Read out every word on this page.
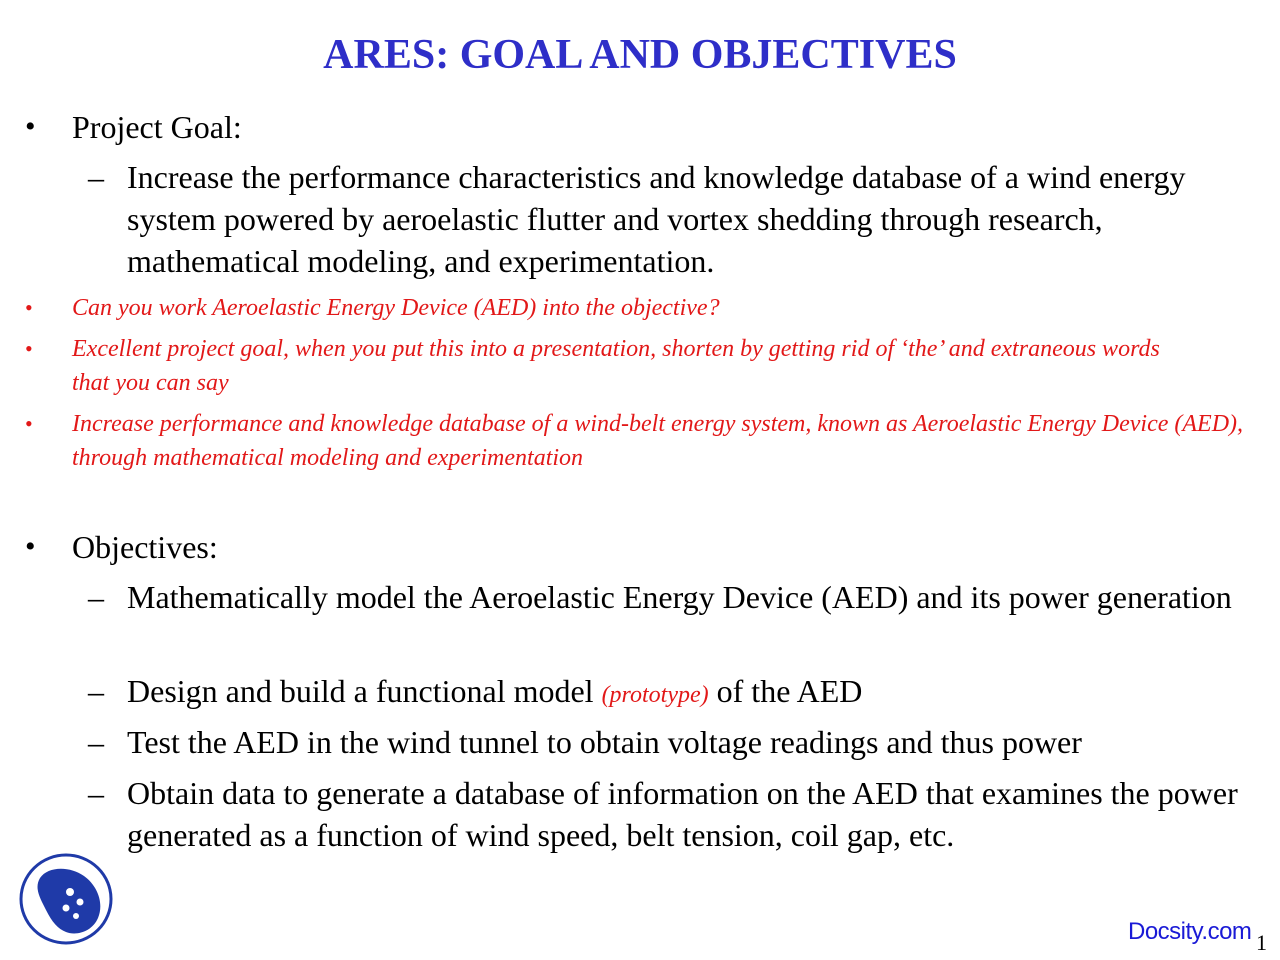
ARES: GOAL AND OBJECTIVES
• Project Goal:
– Increase the performance characteristics and knowledge database of a wind energy system powered by aeroelastic flutter and vortex shedding through research, mathematical modeling, and experimentation.
• Can you work Aeroelastic Energy Device (AED) into the objective?
• Excellent project goal, when you put this into a presentation, shorten by getting rid of ‘the’ and extraneous words that you can say
• Increase performance and knowledge database of a wind-belt energy system, known as Aeroelastic Energy Device (AED), through mathematical modeling and experimentation
• Objectives:
– Mathematically model the Aeroelastic Energy Device (AED) and its power generation
– Design and build a functional model (prototype) of the AED
– Test the AED in the wind tunnel to obtain voltage readings and thus power
– Obtain data to generate a database of information on the AED that examines the power generated as a function of wind speed, belt tension, coil gap, etc.
Docsity.com 1
